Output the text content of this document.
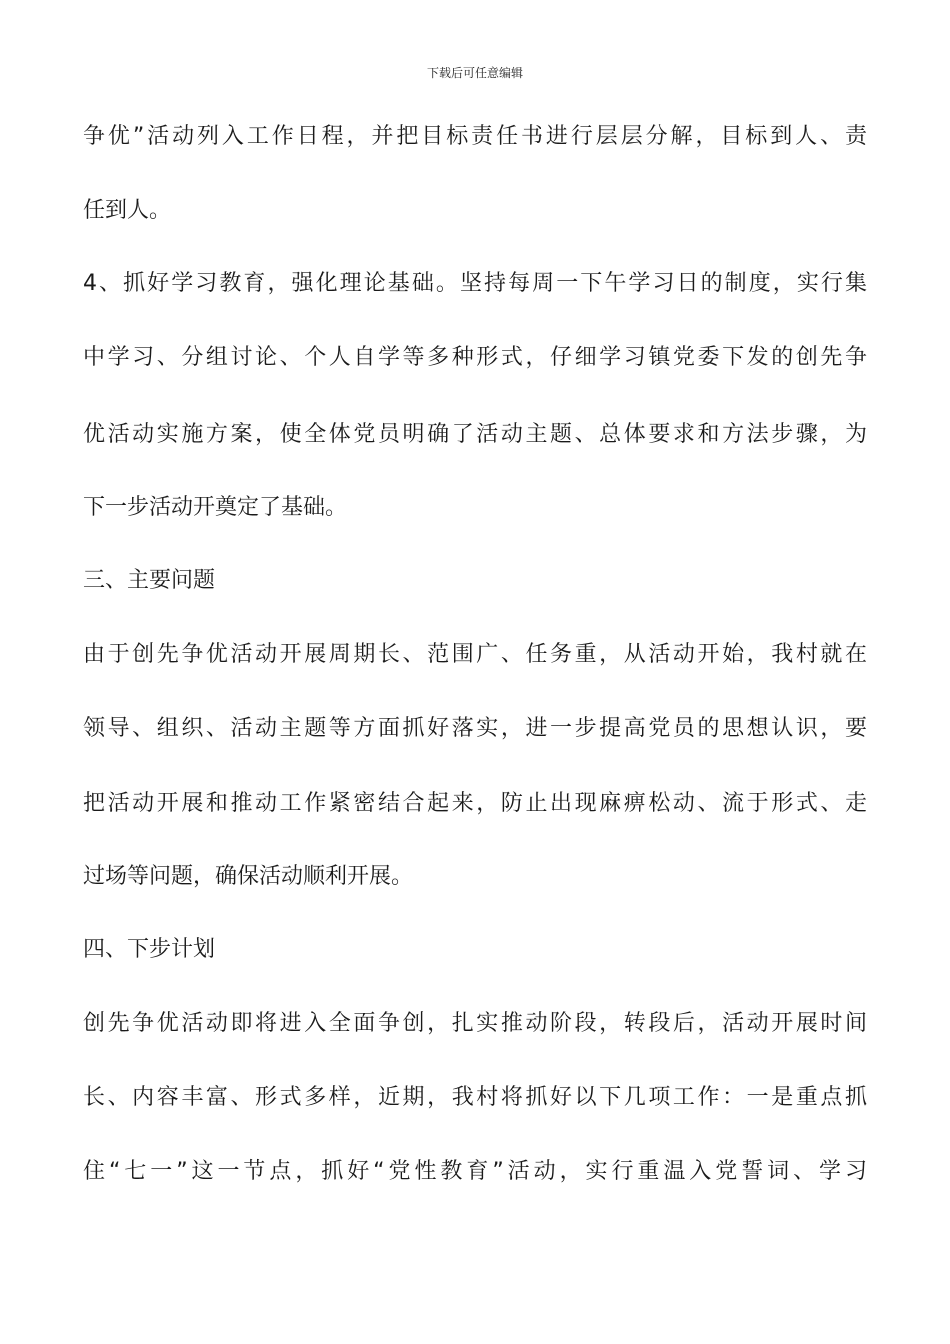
下载后可任意编辑
争优”活动列入工作日程，并把目标责任书进行层层分解，目标到人、责
任到人。
4、抓好学习教育，强化理论基础。坚持每周一下午学习日的制度，实行集
中学习、分组讨论、个人自学等多种形式，仔细学习镇党委下发的创先争
优活动实施方案，使全体党员明确了活动主题、总体要求和方法步骤，为
下一步活动开奠定了基础。
三、主要问题
由于创先争优活动开展周期长、范围广、任务重，从活动开始，我村就在
领导、组织、活动主题等方面抓好落实，进一步提高党员的思想认识，要
把活动开展和推动工作紧密结合起来，防止出现麻痹松动、流于形式、走
过场等问题，确保活动顺利开展。
四、下步计划
创先争优活动即将进入全面争创，扎实推动阶段，转段后，活动开展时间
长、内容丰富、形式多样，近期，我村将抓好以下几项工作：一是重点抓
住“七一”这一节点，抓好“党性教育”活动，实行重温入党誓词、学习
